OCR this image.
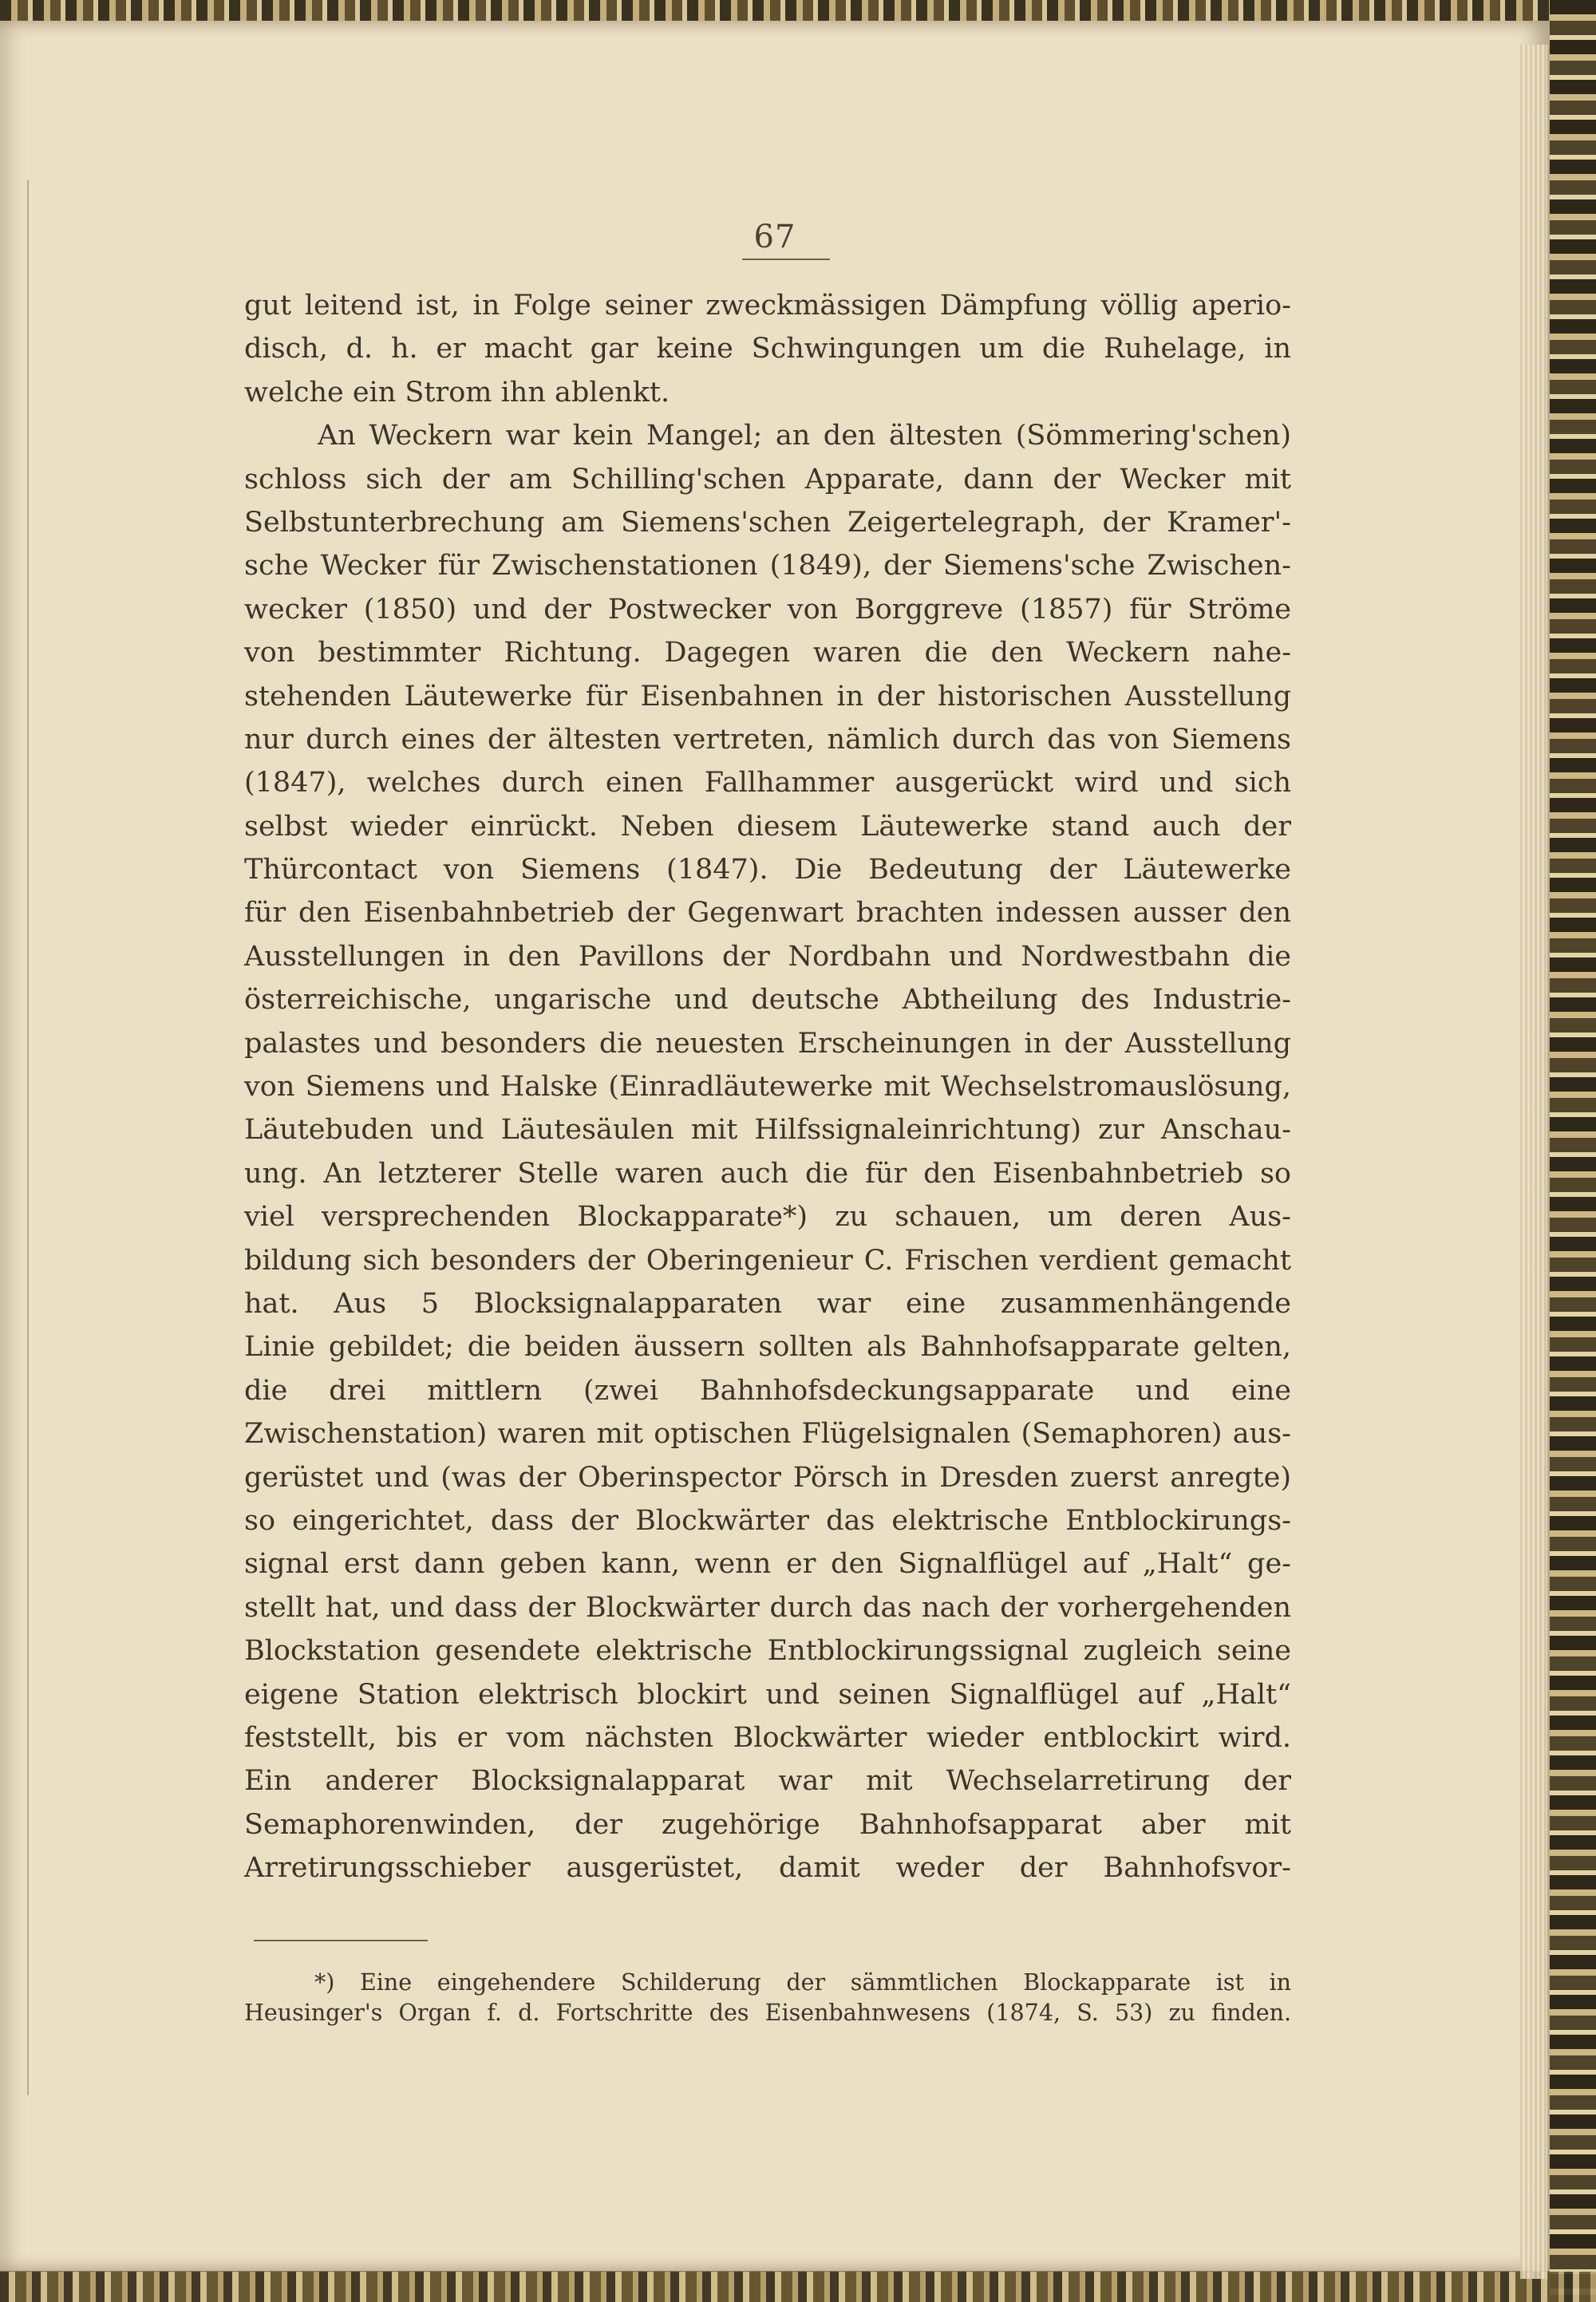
67
gut leitend ist, in Folge seiner zweckmässigen Dämpfung völlig aperio-
disch, d. h. er macht gar keine Schwingungen um die Ruhelage, in
welche ein Strom ihn ablenkt.
An Weckern war kein Mangel; an den ältesten (Sömmering'schen)
schloss sich der am Schilling'schen Apparate, dann der Wecker mit
Selbstunterbrechung am Siemens'schen Zeigertelegraph, der Kramer'-
sche Wecker für Zwischenstationen (1849), der Siemens'sche Zwischen-
wecker (1850) und der Postwecker von Borggreve (1857) für Ströme
von bestimmter Richtung. Dagegen waren die den Weckern nahe-
stehenden Läutewerke für Eisenbahnen in der historischen Ausstellung
nur durch eines der ältesten vertreten, nämlich durch das von Siemens
(1847), welches durch einen Fallhammer ausgerückt wird und sich
selbst wieder einrückt. Neben diesem Läutewerke stand auch der
Thürcontact von Siemens (1847). Die Bedeutung der Läutewerke
für den Eisenbahnbetrieb der Gegenwart brachten indessen ausser den
Ausstellungen in den Pavillons der Nordbahn und Nordwestbahn die
österreichische, ungarische und deutsche Abtheilung des Industrie-
palastes und besonders die neuesten Erscheinungen in der Ausstellung
von Siemens und Halske (Einradläutewerke mit Wechselstromauslösung,
Läutebuden und Läutesäulen mit Hilfssignaleinrichtung) zur Anschau-
ung. An letzterer Stelle waren auch die für den Eisenbahnbetrieb so
viel versprechenden Blockapparate*) zu schauen, um deren Aus-
bildung sich besonders der Oberingenieur C. Frischen verdient gemacht
hat. Aus 5 Blocksignalapparaten war eine zusammenhängende
Linie gebildet; die beiden äussern sollten als Bahnhofsapparate gelten,
die drei mittlern (zwei Bahnhofsdeckungsapparate und eine
Zwischenstation) waren mit optischen Flügelsignalen (Semaphoren) aus-
gerüstet und (was der Oberinspector Pörsch in Dresden zuerst anregte)
so eingerichtet, dass der Blockwärter das elektrische Entblockirungs-
signal erst dann geben kann, wenn er den Signalflügel auf „Halt“ ge-
stellt hat, und dass der Blockwärter durch das nach der vorhergehenden
Blockstation gesendete elektrische Entblockirungssignal zugleich seine
eigene Station elektrisch blockirt und seinen Signalflügel auf „Halt“
feststellt, bis er vom nächsten Blockwärter wieder entblockirt wird.
Ein anderer Blocksignalapparat war mit Wechselarretirung der
Semaphorenwinden, der zugehörige Bahnhofsapparat aber mit
Arretirungsschieber ausgerüstet, damit weder der Bahnhofsvor-
*) Eine eingehendere Schilderung der sämmtlichen Blockapparate ist in
Heusinger's Organ f. d. Fortschritte des Eisenbahnwesens (1874, S. 53) zu finden.
